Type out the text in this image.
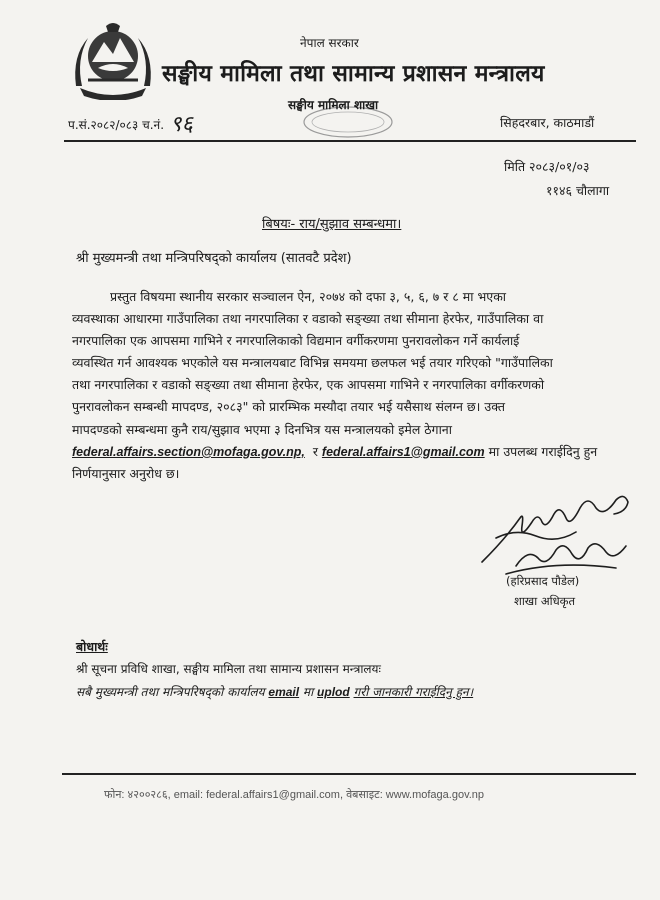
नेपाल सरकार
सङ्घीय मामिला तथा सामान्य प्रशासन मन्त्रालय
सङ्घीय मामिला शाखा
प.सं.२०८२/०८३ च.नं. ९६	सिहदरबार, काठमाडौं
मिति २०८३/०१/०३
११४६ चौलागा
बिषयः- राय/सुझाव सम्बन्धमा।
श्री मुख्यमन्त्री तथा मन्त्रिपरिषद्को कार्यालय (सातवटै प्रदेश)

प्रस्तुत विषयमा स्थानीय सरकार सञ्चालन ऐन, २०७४ को दफा ३, ५, ६, ७ र ८ मा भएका

व्यवस्थाका आधारमा गाउँपालिका तथा नगरपालिका र वडाको सङ्ख्या तथा सीमाना हेरफेर, गाउँपालिका वा

नगरपालिका एक आपसमा गाभिने र नगरपालिकाको विद्यमान वर्गीकरणमा पुनरावलोकन गर्ने कार्यलाई

व्यवस्थित गर्न आवश्यक भएकोले यस मन्त्रालयबाट विभिन्न समयमा छलफल भई तयार गरिएको "गाउँपालिका

तथा नगरपालिका र वडाको सङ्ख्या तथा सीमाना हेरफेर, एक आपसमा गाभिने र नगरपालिका वर्गीकरणको

पुनरावलोकन सम्बन्धी मापदण्ड, २०८३" को प्रारम्भिक मस्यौदा तयार भई यसैसाथ संलग्न छ। उक्त

मापदण्डको सम्बन्धमा कुनै राय/सुझाव भएमा ३ दिनभित्र यस मन्त्रालयको इमेल ठेगाना

federal.affairs.section@mofaga.gov.np, र federal.affairs1@gmail.com मा उपलब्ध गराईदिनु हुन

निर्णयानुसार अनुरोध छ।

(हरिप्रसाद पौडेल)
शाखा अधिकृत
बोधार्थः
श्री सूचना प्रविधि शाखा, सङ्घीय मामिला तथा सामान्य प्रशासन मन्त्रालयः
सबै मुख्यमन्त्री तथा मन्त्रिपरिषद्को कार्यालय email मा uplod गरी जानकारी गराईदिनु हुन।
फोन: ४२००२८६, email: federal.affairs1@gmail.com, वेबसाइट: www.mofaga.gov.np
